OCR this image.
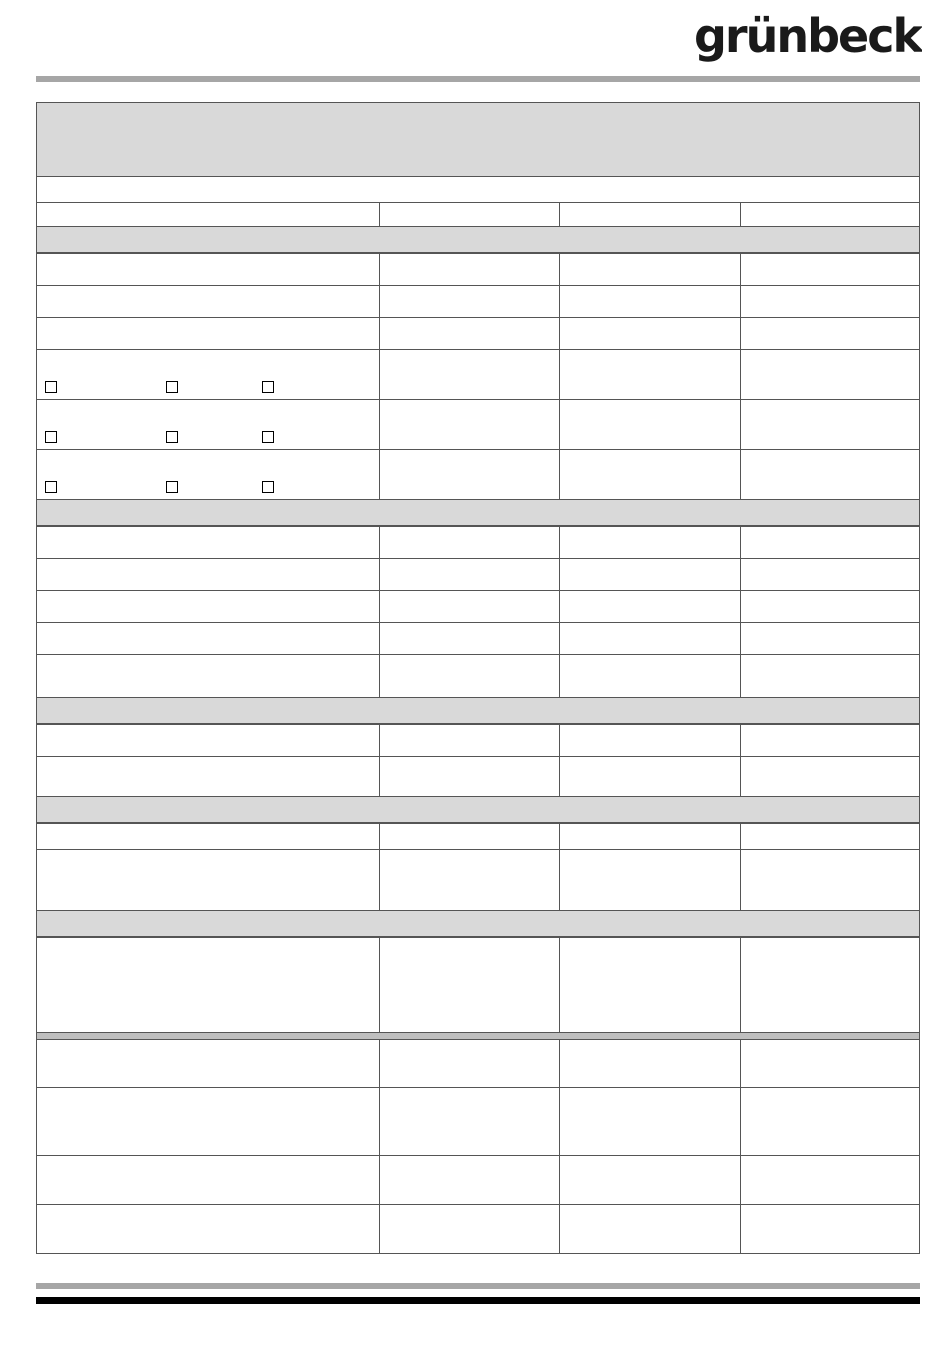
grünbeck
